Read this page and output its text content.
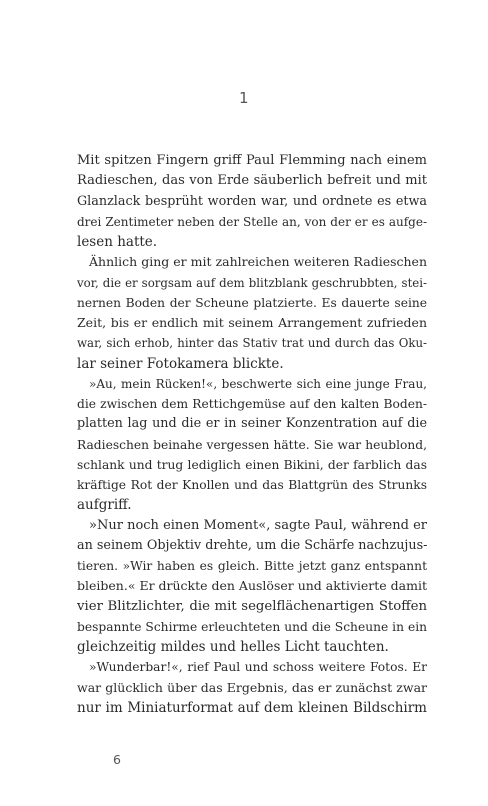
1
Mit spitzen Fingern griff Paul Flemming nach einem
Radieschen, das von Erde säuberlich befreit und mit
Glanzlack besprüht worden war, und ordnete es etwa
drei Zentimeter neben der Stelle an, von der er es aufge-
lesen hatte.
Ähnlich ging er mit zahlreichen weiteren Radieschen
vor, die er sorgsam auf dem blitzblank geschrubbten, stei-
nernen Boden der Scheune platzierte. Es dauerte seine
Zeit, bis er endlich mit seinem Arrangement zufrieden
war, sich erhob, hinter das Stativ trat und durch das Oku-
lar seiner Fotokamera blickte.
»Au, mein Rücken!«, beschwerte sich eine junge Frau,
die zwischen dem Rettichgemüse auf den kalten Boden-
platten lag und die er in seiner Konzentration auf die
Radieschen beinahe vergessen hätte. Sie war heublond,
schlank und trug lediglich einen Bikini, der farblich das
kräftige Rot der Knollen und das Blattgrün des Strunks
aufgriff.
»Nur noch einen Moment«, sagte Paul, während er
an seinem Objektiv drehte, um die Schärfe nachzujus-
tieren. »Wir haben es gleich. Bitte jetzt ganz entspannt
bleiben.« Er drückte den Auslöser und aktivierte damit
vier Blitzlichter, die mit segelflächenartigen Stoffen
bespannte Schirme erleuchteten und die Scheune in ein
gleichzeitig mildes und helles Licht tauchten.
»Wunderbar!«, rief Paul und schoss weitere Fotos. Er
war glücklich über das Ergebnis, das er zunächst zwar
nur im Miniaturformat auf dem kleinen Bildschirm
6
